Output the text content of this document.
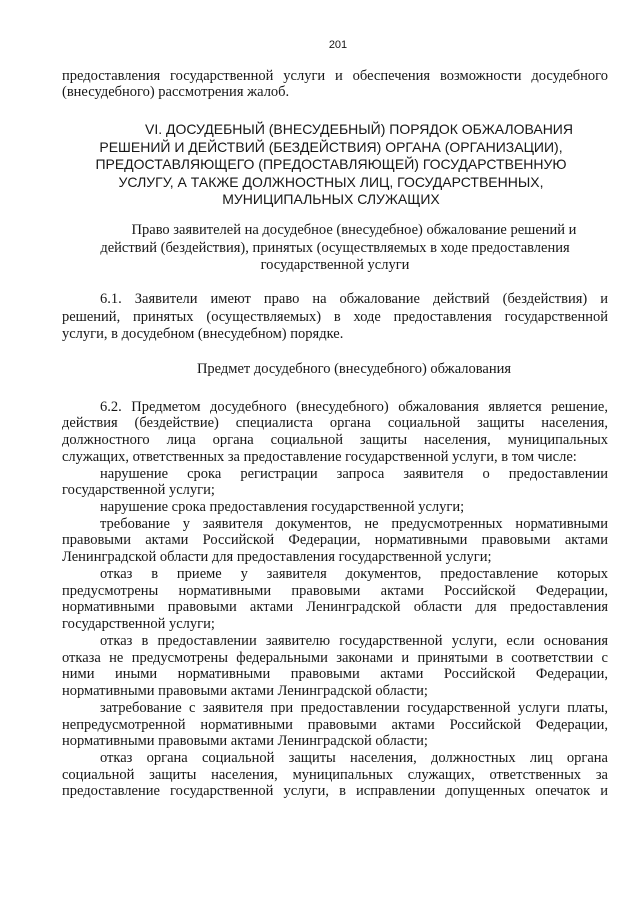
201
предоставления государственной услуги и обеспечения возможности досудебного
(внесудебного) рассмотрения жалоб.
VI. ДОСУДЕБНЫЙ (ВНЕСУДЕБНЫЙ) ПОРЯДОК ОБЖАЛОВАНИЯ
РЕШЕНИЙ И ДЕЙСТВИЙ (БЕЗДЕЙСТВИЯ) ОРГАНА (ОРГАНИЗАЦИИ),
ПРЕДОСТАВЛЯЮЩЕГО (ПРЕДОСТАВЛЯЮЩЕЙ) ГОСУДАРСТВЕННУЮ
УСЛУГУ, А ТАКЖЕ ДОЛЖНОСТНЫХ ЛИЦ, ГОСУДАРСТВЕННЫХ,
МУНИЦИПАЛЬНЫХ СЛУЖАЩИХ
Право заявителей на досудебное (внесудебное) обжалование решений и
действий (бездействия), принятых (осуществляемых в ходе предоставления
государственной услуги
6.1. Заявители имеют право на обжалование действий (бездействия) и
решений, принятых (осуществляемых) в ходе предоставления государственной
услуги, в досудебном (внесудебном) порядке.
Предмет досудебного (внесудебного) обжалования
6.2. Предметом досудебного (внесудебного) обжалования является решение,
действия (бездействие) специалиста органа социальной защиты населения,
должностного лица органа социальной защиты населения, муниципальных
служащих, ответственных за предоставление государственной услуги, в том числе:
нарушение срока регистрации запроса заявителя о предоставлении
государственной услуги;
нарушение срока предоставления государственной услуги;
требование у заявителя документов, не предусмотренных нормативными
правовыми актами Российской Федерации, нормативными правовыми актами
Ленинградской области для предоставления государственной услуги;
отказ в приеме у заявителя документов, предоставление которых
предусмотрены нормативными правовыми актами Российской Федерации,
нормативными правовыми актами Ленинградской области для предоставления
государственной услуги;
отказ в предоставлении заявителю государственной услуги, если основания
отказа не предусмотрены федеральными законами и принятыми в соответствии с
ними иными нормативными правовыми актами Российской Федерации,
нормативными правовыми актами Ленинградской области;
затребование с заявителя при предоставлении государственной услуги платы,
непредусмотренной нормативными правовыми актами Российской Федерации,
нормативными правовыми актами Ленинградской области;
отказ органа социальной защиты населения, должностных лиц органа
социальной защиты населения, муниципальных служащих, ответственных за
предоставление государственной услуги, в исправлении допущенных опечаток и
